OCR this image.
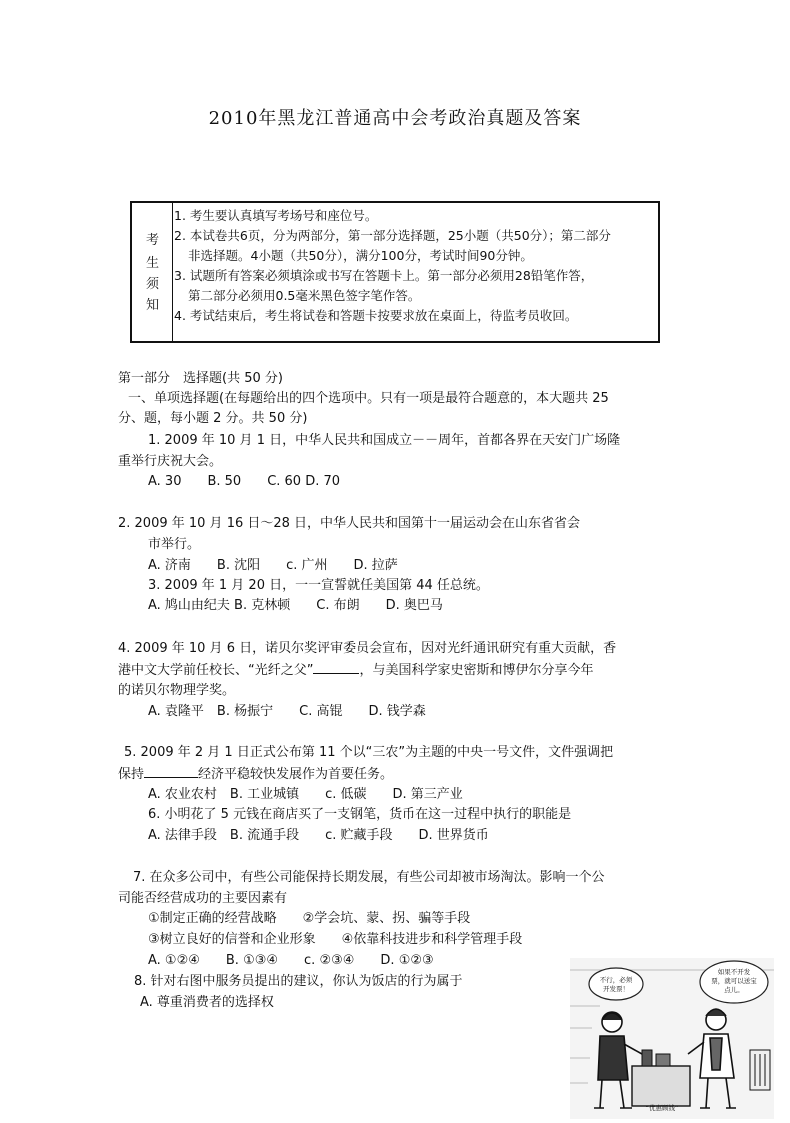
2010年黑龙江普通高中会考政治真题及答案
考
生
须
知
1. 考生要认真填写考场号和座位号。
2. 本试卷共6页，分为两部分，第一部分选择题，25小题（共50分）；第二部分
非选择题。4小题（共50分），满分100分，考试时间90分钟。
3. 试题所有答案必须填涂或书写在答题卡上。第一部分必须用28铅笔作答，
第二部分必须用0.5毫米黑色签字笔作答。
4. 考试结束后，考生将试卷和答题卡按要求放在桌面上，待监考员收回。
第一部分　选择题(共 50 分)
一、单项选择题(在每题给出的四个选项中。只有一项是最符合题意的，本大题共 25
分、题，每小题 2 分。共 50 分)
1. 2009 年 10 月 1 日，中华人民共和国成立－－周年，首都各界在天安门广场隆
重举行庆祝大会。
A. 30　　B. 50　　C. 60 D. 70
2. 2009 年 10 月 16 日～28 日，中华人民共和国第十一届运动会在山东省省会
市举行。
A. 济南　　B. 沈阳　　c. 广州　　D. 拉萨
3. 2009 年 1 月 20 日，一一宣誓就任美国第 44 任总统。
A. 鸠山由纪夫 B. 克林顿　　C. 布朗　　D. 奥巴马
4. 2009 年 10 月 6 日，诺贝尔奖评审委员会宣布，因对光纤通讯研究有重大贡献，香
港中文大学前任校长、“光纤之父”	，与美国科学家史密斯和博伊尔分享今年
的诺贝尔物理学奖。
A. 袁隆平　B. 杨振宁　　C. 高锟　　D. 钱学森
5. 2009 年 2 月 1 日正式公布第 11 个以“三农”为主题的中央一号文件，文件强调把
保持	经济平稳较快发展作为首要任务。
A. 农业农村　B. 工业城镇　　c. 低碳　　D. 第三产业
6. 小明花了 5 元钱在商店买了一支钢笔，货币在这一过程中执行的职能是
A. 法律手段　B. 流通手段　　c. 贮藏手段　　D. 世界货币
7. 在众多公司中，有些公司能保持长期发展，有些公司却被市场淘汰。影响一个公
司能否经营成功的主要因素有
①制定正确的经营战略　　②学会坑、蒙、拐、骗等手段
③树立良好的信誉和企业形象　　④依靠科技进步和科学管理手段
A. ①②④　　B. ①③④　　c. ②③④　　D. ①②③
8. 针对右图中服务员提出的建议，你认为饭店的行为属于
A. 尊重消费者的选择权
不行，必须
开发票！
如果不开发
票，就可以送宝
点儿。
“优惠顾钱”
